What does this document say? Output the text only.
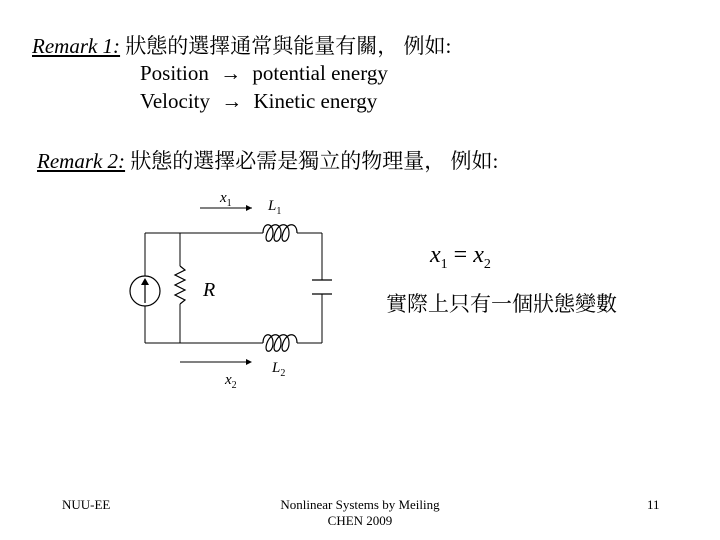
Remark 1: 狀態的選擇通常與能量有關， 例如:
Position → potential energy
Velocity → Kinetic energy
Remark 2: 狀態的選擇必需是獨立的物理量， 例如:
$x_1$ $L_1$
R
$x_2$
$L_2$
$x_1 = x_2$
實際上只有一個狀態變數
NUU-EE	Nonlinear Systems by Meiling CHEN 2009
11
